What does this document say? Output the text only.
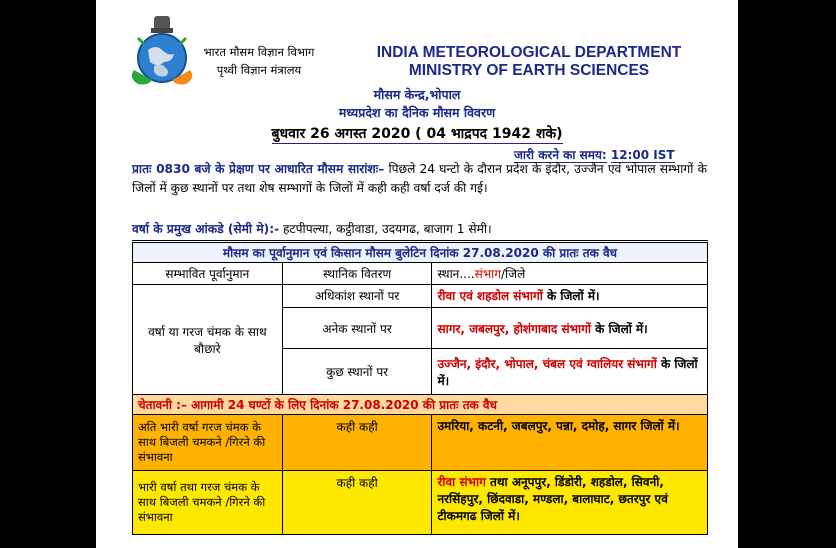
भारत मौसम विज्ञान विभाग
पृथ्वी विज्ञान मंत्रालय
INDIA METEOROLOGICAL DEPARTMENT
MINISTRY OF EARTH SCIENCES
मौसम केन्द्र,भोपाल
मध्यप्रदेश का दैनिक मौसम विवरण
बुधवार 26 अगस्त 2020 ( 04 भाद्रपद 1942 शके)
जारी करने का समय: 12:00 IST
प्रातः 0830 बजे के प्रेक्षण पर आधारित मौसम सारांशः– पिछले 24 घन्टो के दौरान प्रदेश के इंदौर, उज्जैन एवं भोपाल सम्भागों के जिलों में कुछ स्थानों पर तथा शेष सम्भागों के जिलों में कही कही वर्षा दर्ज की गई।
वर्षा के प्रमुख आंकडे (सेमी मे):- हटपीपल्या, कट्ठीवाडा, उदयगढ, बाजाग 1 सेमी।
मौसम का पूर्वानुमान एवं किसान मौसम बुलेटिन दिनांक 27.08.2020 की प्रातः तक वैध		
सम्भावित पूर्वानुमान	स्थानिक वितरण	स्थान....संभाग/जिले
वर्षा या गरज चंमक के साथ बौछारे	अधिकांश स्थानों पर	रीवा एवं शहडोल संभागों के जिलों में।
	अनेक स्थानों पर	सागर, जबलपुर, होशंगाबाद संभागों के जिलों में।
	कुछ स्थानों पर	उज्जैन, इंदौर, भोपाल, चंबल एवं ग्वालियर संभागों के जिलों में।
चेतावनी :– आगामी 24 घण्टों के लिए दिनांक 27.08.2020 की प्रातः तक वैध		
अति भारी वर्षा गरज चंमक के साथ बिजली चमकने /गिरने की संभावना	कही कही	उमरिया, कटनी, जबलपुर, पन्ना, दमोह, सागर जिलों में।
भारी वर्षा तथा गरज चंमक के साथ बिजली चमकने /गिरने की संभावना	कही कही	रीवा संभाग तथा अनूपपुर, डिंडोरी, शहडोल, सिवनी, नरसिंहपुर, छिंदवाडा, मण्डला, बालाघाट, छतरपुर एवं टीकमगढ जिलों में।
